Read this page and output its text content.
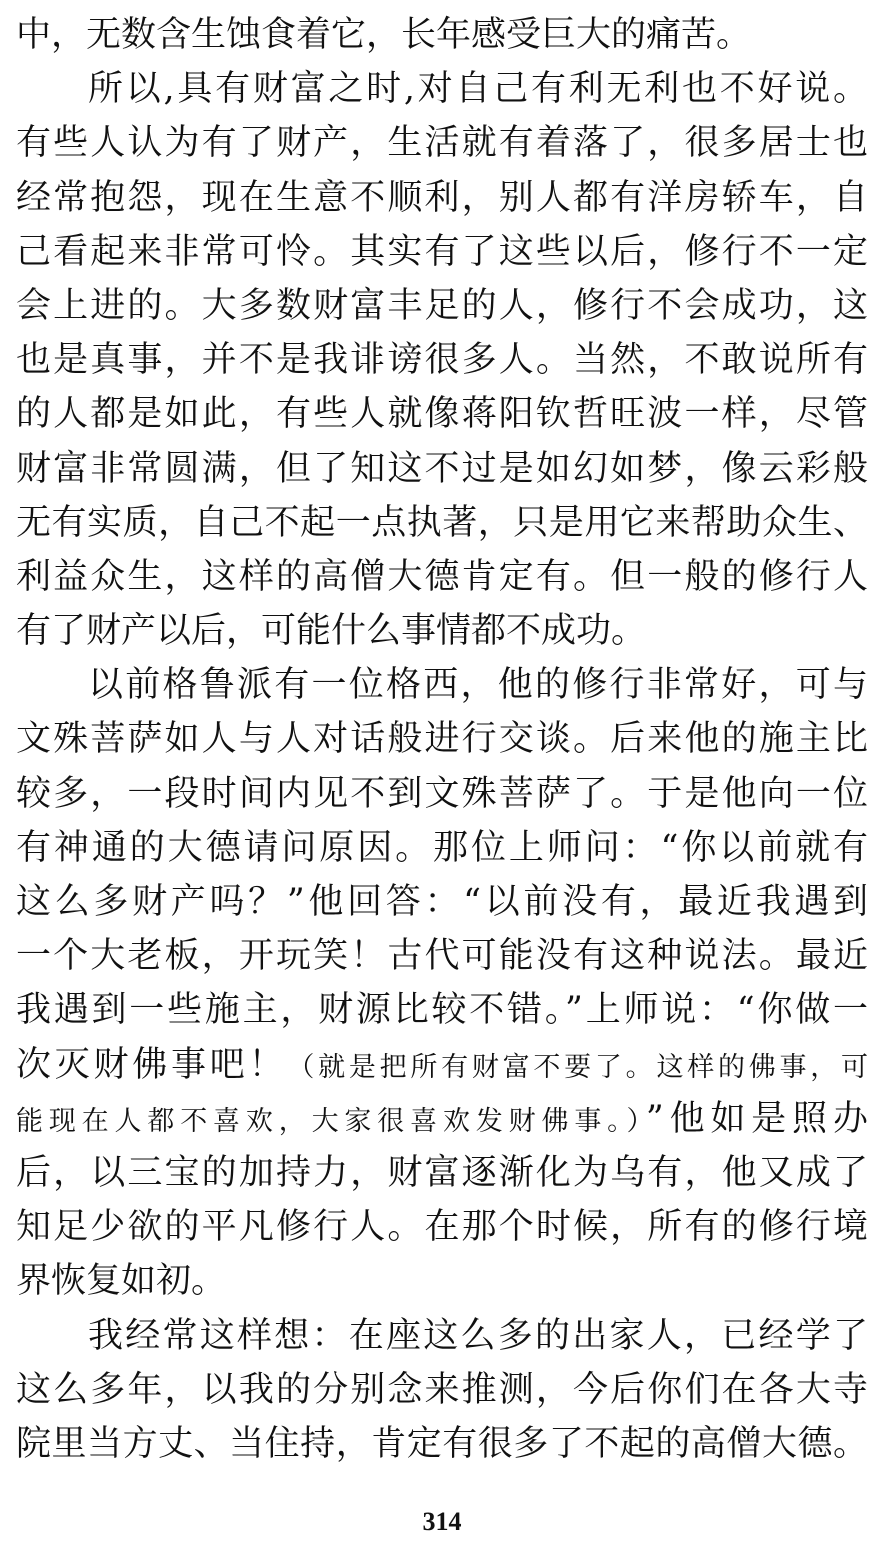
中，无数含生蚀食着它，长年感受巨大的痛苦。
所以,具有财富之时,对自己有利无利也不好说。
有些人认为有了财产，生活就有着落了，很多居士也
经常抱怨，现在生意不顺利，别人都有洋房轿车，自
己看起来非常可怜。其实有了这些以后，修行不一定
会上进的。大多数财富丰足的人，修行不会成功，这
也是真事，并不是我诽谤很多人。当然，不敢说所有
的人都是如此，有些人就像蒋阳钦哲旺波一样，尽管
财富非常圆满，但了知这不过是如幻如梦，像云彩般
无有实质，自己不起一点执著，只是用它来帮助众生、
利益众生，这样的高僧大德肯定有。但一般的修行人
有了财产以后，可能什么事情都不成功。
以前格鲁派有一位格西，他的修行非常好，可与
文殊菩萨如人与人对话般进行交谈。后来他的施主比
较多，一段时间内见不到文殊菩萨了。于是他向一位
有神通的大德请问原因。那位上师问：“你以前就有
这么多财产吗？”他回答：“以前没有，最近我遇到
一个大老板，开玩笑！古代可能没有这种说法。最近
我遇到一些施主，财源比较不错。”上师说：“你做一
次灭财佛事吧！（就是把所有财富不要了。这样的佛事，可
能现在人都不喜欢，大家很喜欢发财佛事。）”他如是照办
后，以三宝的加持力，财富逐渐化为乌有，他又成了
知足少欲的平凡修行人。在那个时候，所有的修行境
界恢复如初。
我经常这样想：在座这么多的出家人，已经学了
这么多年，以我的分别念来推测，今后你们在各大寺
院里当方丈、当住持，肯定有很多了不起的高僧大德。
314
